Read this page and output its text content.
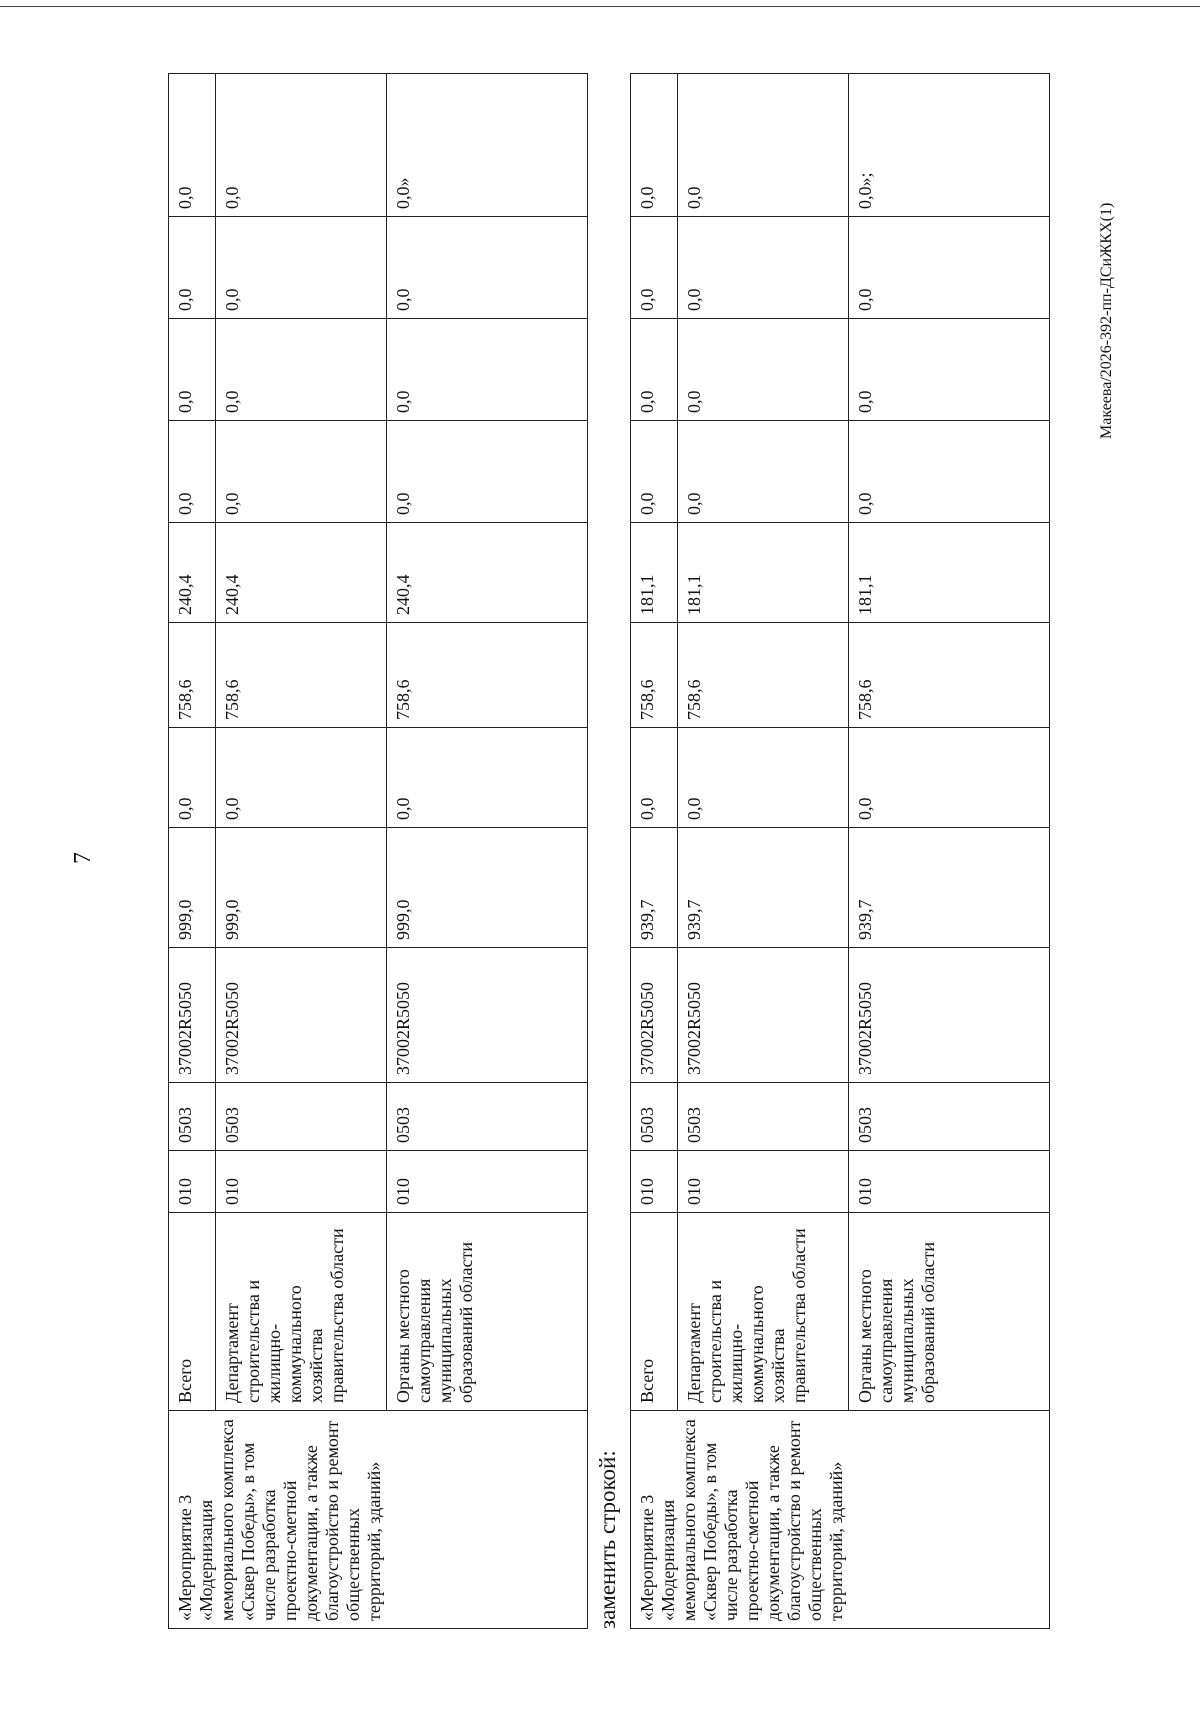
7
«Мероприятие 3 «Модернизация мемориального комплекса «Сквер Победы», в том числе разработка проектно-сметной документации, а также благоустройство и ремонт общественных территорий, зданий»	Всего	010	0503	37002R5050	999,0	0,0	758,6	240,4	0,0	0,0	0,0	0,0
	Департамент строительства и жилищно-коммунального хозяйства правительства области	010	0503	37002R5050	999,0	0,0	758,6	240,4	0,0	0,0	0,0	0,0
	Органы местного самоуправления муниципальных образований области	010	0503	37002R5050	999,0	0,0	758,6	240,4	0,0	0,0	0,0	0,0»
заменить строкой: «Мероприятие 3 «Модернизация мемориального комплекса «Сквер Победы», в том числе разработка проектно-сметной документации, а также благоустройство и ремонт общественных территорий, зданий»	Всего	010	0503	37002R5050	939,7	0,0	758,6	181,1	0,0	0,0	0,0	0,0
	Департамент строительства и жилищно-коммунального хозяйства правительства области	010	0503	37002R5050	939,7	0,0	758,6	181,1	0,0	0,0	0,0	0,0
	Органы местного самоуправления муниципальных образований области	010	0503	37002R5050	939,7	0,0	758,6	181,1	0,0	0,0	0,0	0,0»;
Макеева/2026-392-пп-ДСиЖКХ(1)
